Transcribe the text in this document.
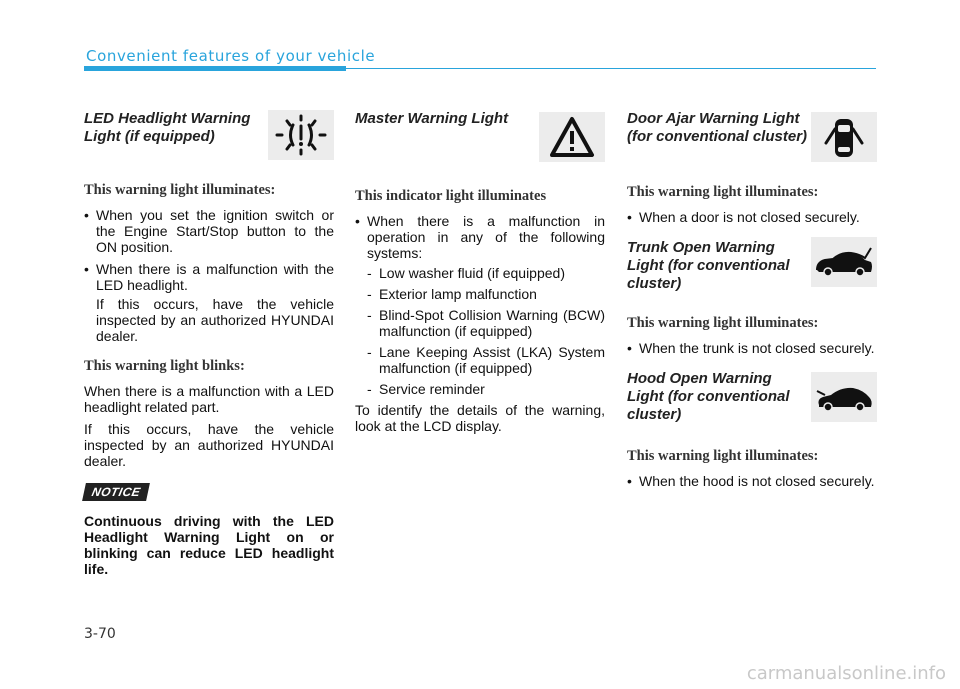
Convenient features of your vehicle
LED Headlight Warning Light (if equipped)
This warning light illuminates:
• When you set the ignition switch or the Engine Start/Stop button to the ON position.
• When there is a malfunction with the LED headlight.
If this occurs, have the vehicle inspected by an authorized HYUNDAI dealer.
This warning light blinks:

When there is a malfunction with a LED headlight related part.

If this occurs, have the vehicle inspected by an authorized HYUNDAI dealer.

NOTICE
Continuous driving with the LED Headlight Warning Light on or blinking can reduce LED headlight life.
Master Warning Light
This indicator light illuminates
• When there is a malfunction in operation in any of the following systems:
- Low washer fluid (if equipped)
- Exterior lamp malfunction
- Blind-Spot Collision Warning (BCW) malfunction (if equipped)
- Lane Keeping Assist (LKA) System malfunction (if equipped)
- Service reminder

To identify the details of the warning, look at the LCD display.

Door Ajar Warning Light (for conventional cluster)
This warning light illuminates:
• When a door is not closed securely.
Trunk Open Warning Light (for conventional cluster)
This warning light illuminates:
• When the trunk is not closed securely.
Hood Open Warning Light (for conventional cluster)
This warning light illuminates:
• When the hood is not closed securely.
3-70
carmanualsonline.info
